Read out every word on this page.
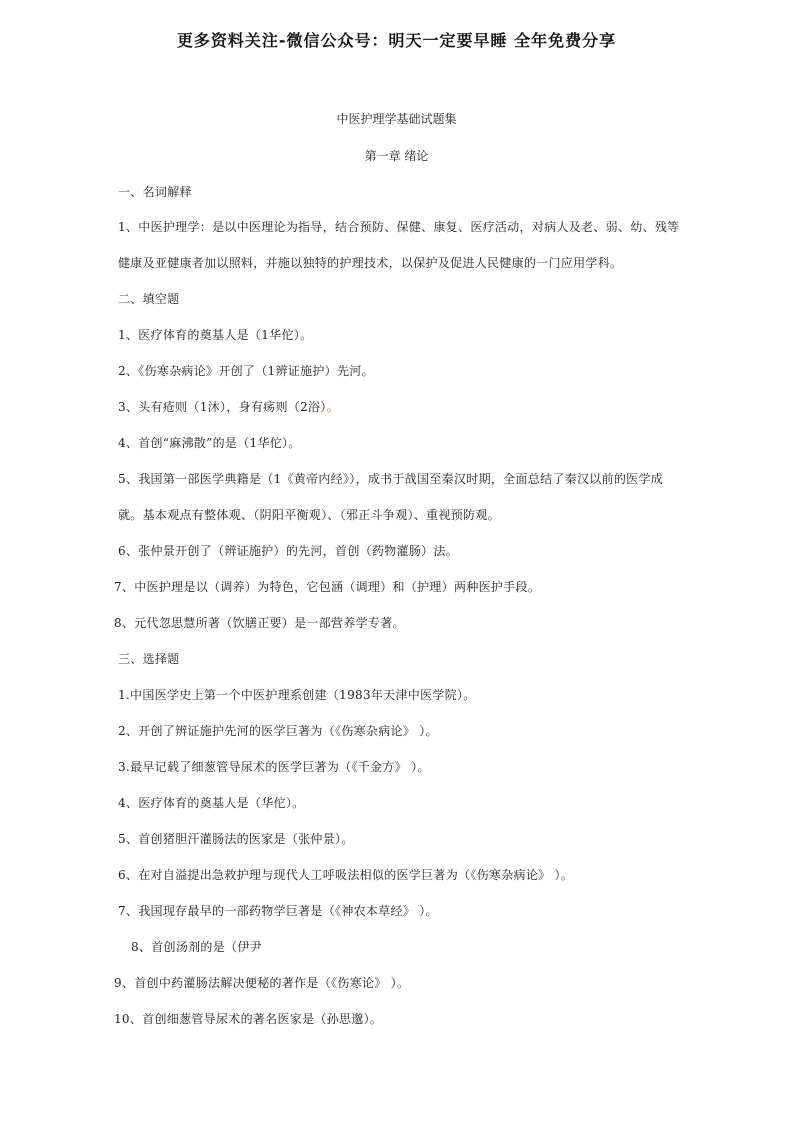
更多资料关注-微信公众号：明天一定要早睡 全年免费分享
中医护理学基础试题集
第一章 绪论
一、名词解释
1、中医护理学：是以中医理论为指导，结合预防、保健、康复、医疗活动，对病人及老、弱、幼、残等
健康及亚健康者加以照料，并施以独特的护理技术，以保护及促进人民健康的一门应用学科。
二、填空题
1、医疗体育的奠基人是（1华佗）。
2、《伤寒杂病论》开创了（1辨证施护）先河。
3、头有疮则（1沐），身有疡则（2浴）。
4、首创“麻沸散”的是（1华佗）。
5、我国第一部医学典籍是（1《黄帝内经》），成书于战国至秦汉时期，全面总结了秦汉以前的医学成
就。基本观点有整体观、（阴阳平衡观）、（邪正斗争观）、重视预防观。
6、张仲景开创了（辨证施护）的先河，首创（药物灌肠）法。
7、中医护理是以（调养）为特色，它包涵（调理）和（护理）两种医护手段。
8、元代忽思慧所著（饮膳正要）是一部营养学专著。
三、选择题
1.中国医学史上第一个中医护理系创建（1983年天津中医学院）。
2、开创了辨证施护先河的医学巨著为（《伤寒杂病论》 ）。
3.最早记载了细葱管导尿术的医学巨著为（《千金方》 ）。
4、医疗体育的奠基人是（华佗）。
5、首创猪胆汗灌肠法的医家是（张仲景）。
6、在对自溢提出急救护理与现代人工呼吸法相似的医学巨著为（《伤寒杂病论》 ）。
7、我国现存最早的一部药物学巨著是（《神农本草经》 ）。
8、首创汤剂的是（伊尹
9、首创中药灌肠法解决便秘的著作是（《伤寒论》 ）。
10、首创细葱管导尿术的著名医家是（孙思邈）。
